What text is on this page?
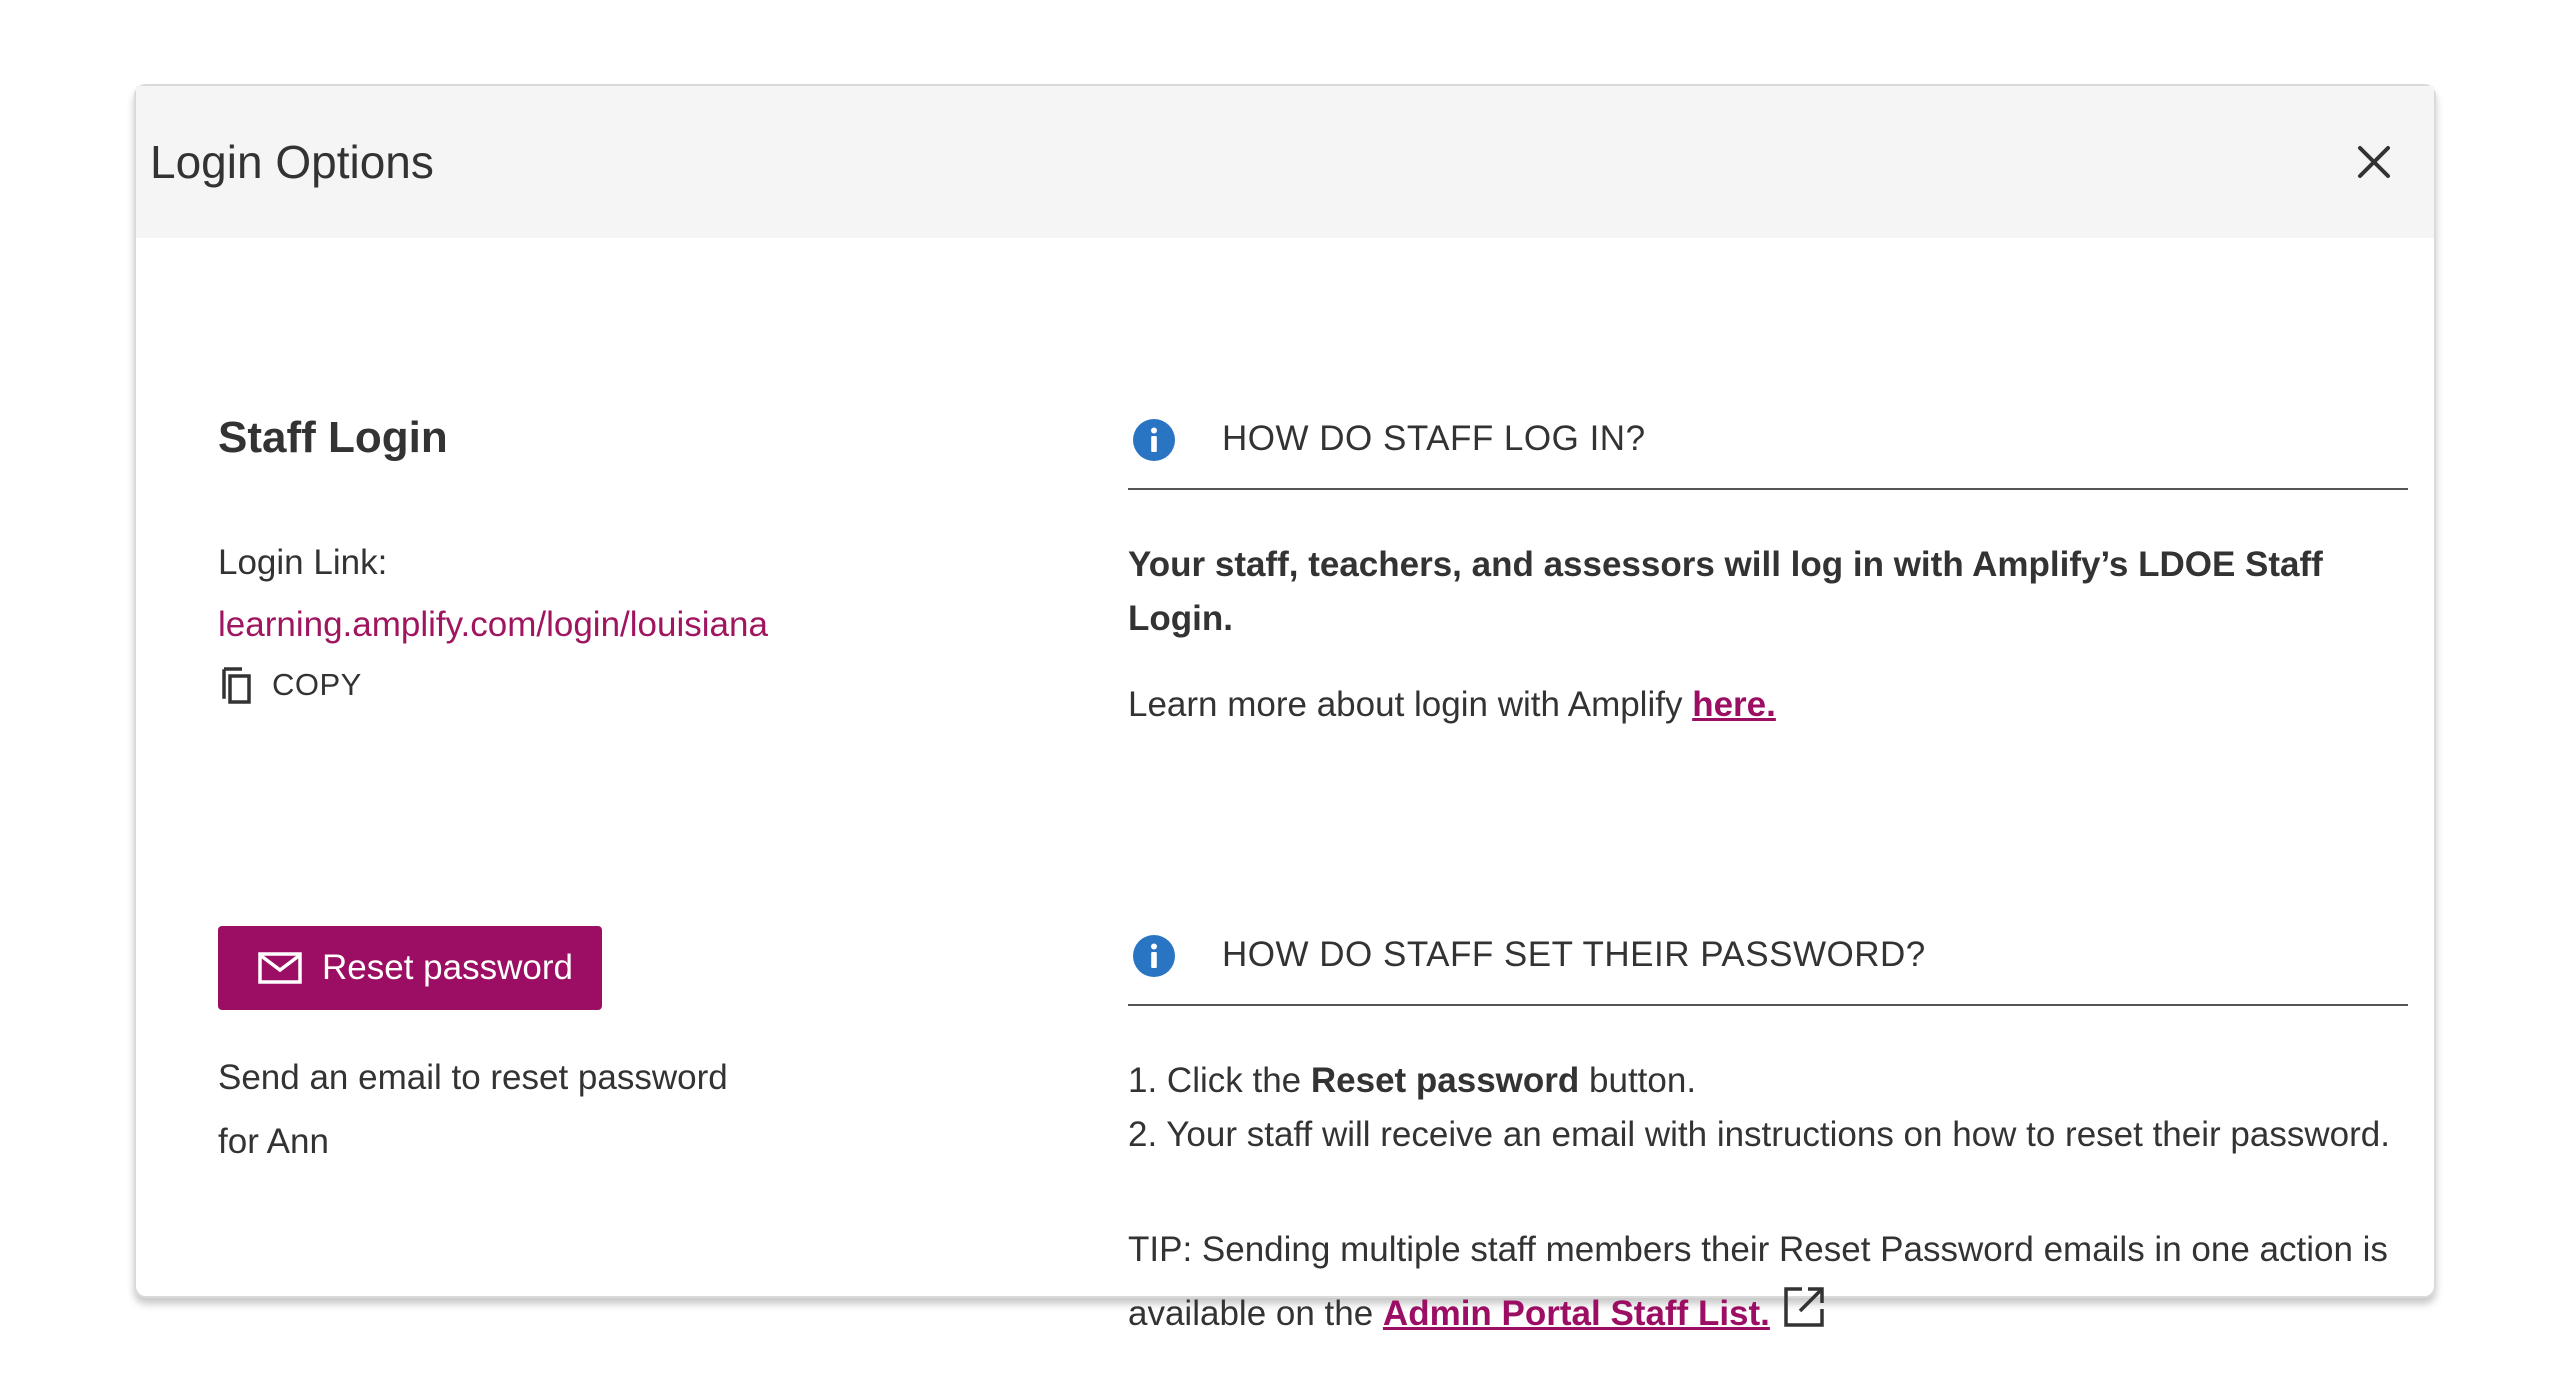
Login Options
Staff Login
Login Link:
learning.amplify.com/login/louisiana
COPY
Reset password
Send an email to reset password
for Ann
HOW DO STAFF LOG IN?

Your staff, teachers, and assessors will log in with Amplify’s LDOE Staff Login.

Learn more about login with Amplify here.

HOW DO STAFF SET THEIR PASSWORD?
1. Click the Reset password button.
2. Your staff will receive an email with instructions on how to reset their password.

TIP: Sending multiple staff members their Reset Password emails in one action is available on the Admin Portal Staff List.
